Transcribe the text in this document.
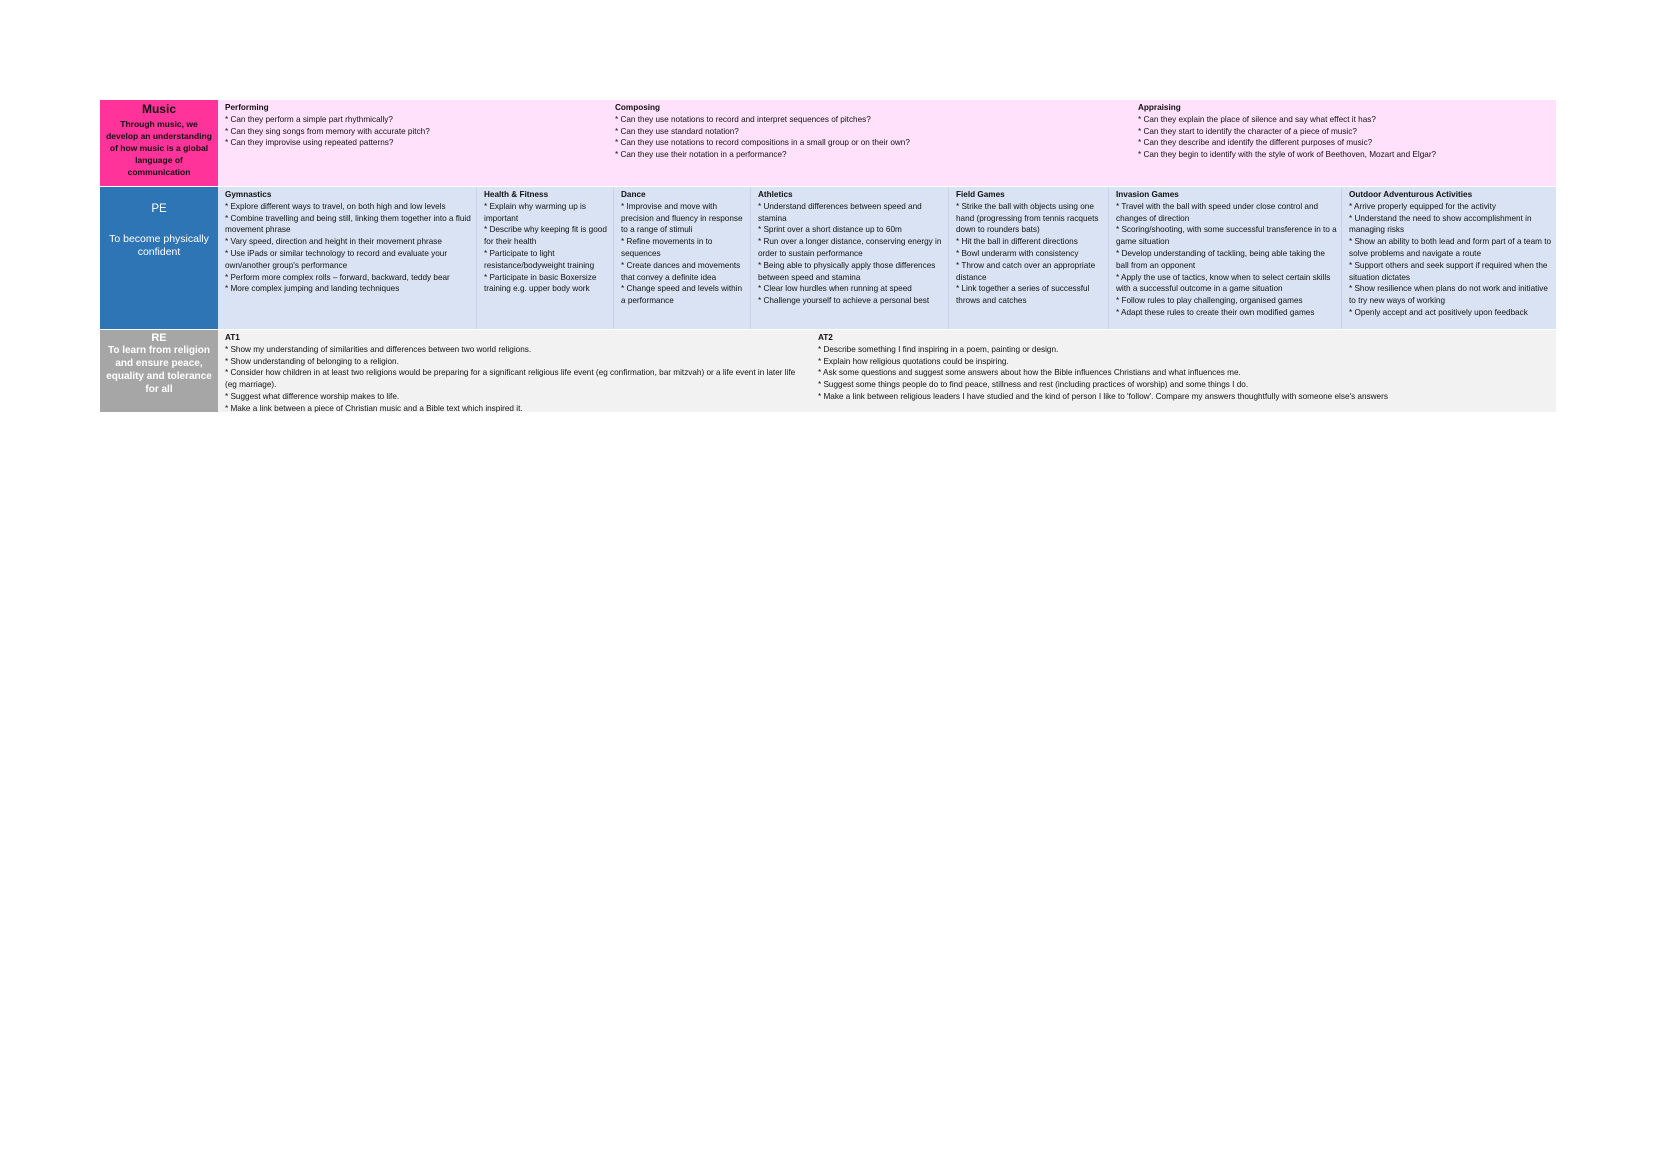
Music
Through music, we develop an understanding of how music is a global language of communication
Performing
* Can they perform a simple part rhythmically?
* Can they sing songs from memory with accurate pitch?
* Can they improvise using repeated patterns?
Composing
* Can they use notations to record and interpret sequences of pitches?
* Can they use standard notation?
* Can they use notations to record compositions in a small group or on their own?
* Can they use their notation in a performance?
Appraising
* Can they explain the place of silence and say what effect it has?
* Can they start to identify the character of a piece of music?
* Can they describe and identify the different purposes of music?
* Can they begin to identify with the style of work of Beethoven, Mozart and Elgar?
PE
To become physically confident
Gymnastics
* Explore different ways to travel, on both high and low levels
* Combine travelling and being still, linking them together into a fluid movement phrase
* Vary speed, direction and height in their movement phrase
* Use iPads or similar technology to record and evaluate your own/another group's performance
* Perform more complex rolls – forward, backward, teddy bear
* More complex jumping and landing techniques
Health & Fitness
* Explain why warming up is important
* Describe why keeping fit is good for their health
* Participate to light resistance/bodyweight training
* Participate in basic Boxersize training e.g. upper body work
Dance
* Improvise and move with precision and fluency in response to a range of stimuli
* Refine movements in to sequences
* Create dances and movements that convey a definite idea
* Change speed and levels within a performance
Athletics
* Understand differences between speed and stamina
* Sprint over a short distance up to 60m
* Run over a longer distance, conserving energy in order to sustain performance
* Being able to physically apply those differences between speed and stamina
* Clear low hurdles when running at speed
* Challenge yourself to achieve a personal best
Field Games
* Strike the ball with objects using one hand (progressing from tennis racquets down to rounders bats)
* Hit the ball in different directions
* Bowl underarm with consistency
* Throw and catch over an appropriate distance
* Link together a series of successful throws and catches
Invasion Games
* Travel with the ball with speed under close control and changes of direction
* Scoring/shooting, with some successful transference in to a game situation
* Develop understanding of tackling, being able taking the ball from an opponent
* Apply the use of tactics, know when to select certain skills with a successful outcome in a game situation
* Follow rules to play challenging, organised games
* Adapt these rules to create their own modified games
Outdoor Adventurous Activities
* Arrive properly equipped for the activity
* Understand the need to show accomplishment in managing risks
* Show an ability to both lead and form part of a team to solve problems and navigate a route
* Support others and seek support if required when the situation dictates
* Show resilience when plans do not work and initiative to try new ways of working
* Openly accept and act positively upon feedback
RE
To learn from religion and ensure peace, equality and tolerance for all
AT1
* Show my understanding of similarities and differences between two world religions.
* Show understanding of belonging to a religion.
* Consider how children in at least two religions would be preparing for a significant religious life event (eg confirmation, bar mitzvah) or a life event in later life (eg marriage).
* Suggest what difference worship makes to life.
* Make a link between a piece of Christian music and a Bible text which inspired it.
AT2
* Describe something I find inspiring in a poem, painting or design.
* Explain how religious quotations could be inspiring.
* Ask some questions and suggest some answers about how the Bible influences Christians and what influences me.
* Suggest some things people do to find peace, stillness and rest (including practices of worship) and some things I do.
* Make a link between religious leaders I have studied and the kind of person I like to 'follow'. Compare my answers thoughtfully with someone else's answers
